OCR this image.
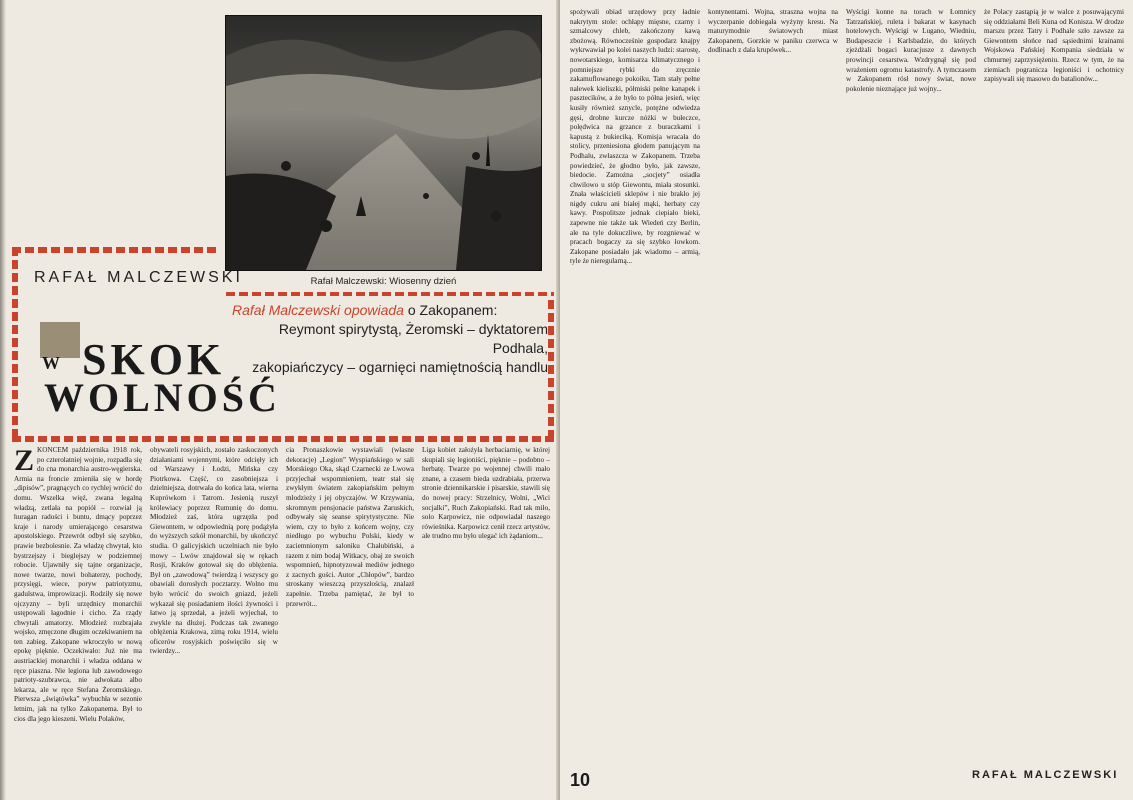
Rafał Malczewski: Wiosenny dzień
RAFAŁ MALCZEWSKI
SKOK
W
WOLNOŚĆ
Rafał Malczewski opowiada o Zakopanem:
Reymont spirytystą, Żeromski – dyktatorem Podhala,
zakopiańczycy – ogarnięci namiętnością handlu
ZKONCEM października 1918 rok, po czterolatniej wojnie, rozpadła się do cna monarchia austro-węgierska. Armia na froncie zmieniła się w hordę „dipisów”, pragnących co rychlej wrócić do domu. Wszelka więź, zwana legalną władzą, zetlała na popiół – rozwiał ją huragan radości i buntu, dmący poprzez kraje i narody umierającego cesarstwa apostolskiego. Przewrót odbył się szybko, prawie bezbolesnie. Za władzę chwytał, kto bystrzejszy i bieglejszy w podziemnej robocie. Ujawniły się tajne organizacje, nowe twarze, nowi bohaterzy, pochody, przysięgi, wiece, poryw patriotyzmu, gadulstwa, improwizacji. Rodziły się nowe ojczyzny – byli urzędnicy monarchii ustępowali łagodnie i cicho. Za rządy chwytali amatorzy. Młodzież rozbrajała wojsko, zmęczone długim oczekiwaniem na ten zabieg. Zakopane wkroczyło w nową epokę pięknie. Oczekiwało: Już nie ma austriackiej monarchii i władza oddana w ręce piaszna. Nie legiona lub zawodowego patrioty-szubrawca, nie adwokata albo lekarza, ale w ręce Stefana Żeromskiego. Pierwsza „świątówka” wybuchła w sezonie letnim, jak na tylko Zakopanema. Był to cios dla jego kieszeni. Wielu Polaków,
obywateli rosyjskich, zostało zaskoczonych działaniami wojennymi, które odcięły ich od Warszawy i Łodzi, Mińska czy Piotrkowa. Część, co zasobniejsza i dzielniejsza, dotrwała do końca lata, wierna Kuprówkom i Tatrom. Jesienią ruszył królewiacy poprzez Rumunię do domu. Młodzież zaś, która ugrzęzła pod Giewontem, w odpowiednią porę podążyła do wyższych szkół monarchii, by ukończyć studia. O galicyjskich uczelniach nie było mowy – Lwów znajdował się w rękach Rosji, Kraków gotował się do oblężenia. Był on „zawodową” twierdzą i wszyscy go obawiali dorosłych pocztarzy. Wolno mu było wrócić do swoich gniazd, jeżeli wykazał się posiadaniem ilości żywności i łatwo ją sprzedał, a jeżeli wyjechał, to zwykle na dłużej. Podczas tak zwanego oblężenia Krakowa, zimą roku 1914, wielu oficerów rosyjskich poświęciło się w twierdzy...
cia Pronaszkowie wystawiali (własne dekoracje) „Legion” Wyspiańskiego w sali Morskiego Oka, skąd Czarnecki ze Lwowa przyjechał wspomnieniem, teatr stał się zwykłym światem zakopiańskim pełnym młodzieży i jej obyczajów. W Krzywania, skromnym pensjonacie państwa Zaruskich, odbywały się seanse spirytystyczne. Nie wiem, czy to było z końcem wojny, czy niedługo po wybuchu Polski, kiedy w zaciemnionym saloniku Chałubiński, a razem z nim bodaj Witkacy, obaj ze swoich wspomnień, hipnotyzował mediów jednego z zacnych gości. Autor „Chłopów”, bardzo stroskany wieszczą przyszłością, znalazł zapełnie. Trzeba pamiętać, że był to przewrót...
Liga kobiet założyła herbaciarnię, w której skupiali się legioniści, pięknie – podobno – herbatę. Twarze po wojennej chwili mało znane, a czasem bieda uzdrabiała, przerwa stronie dziennikarskie i pisarskie, stawili się do nowej pracy: Strzelnicy, Wolni, „Wici socjalki”, Ruch Zakopiański. Rad tak miło, solo Karpowicz, nie odpowiadał naszego rówieśnika. Karpowicz cenił rzecz artystów, ale trudno mu było ulegać ich żądaniom...
spożywali obiad urzędowy przy ładnie nakrytym stole: ochłapy mięsne, czarny i szmalcowy chleb, zakończony kawą zbożową. Równocześnie gospodarz knajpy wykrwawiał po kolei naszych ludzi: starostę, nowotarskiego, komisarza klimatycznego i pomniejsze rybki do zręcznie zakamuflowanego pokoiku. Tam stały pełne nalewek kieliszki, półmiski pełne kanapek i pasztecików, a że było to półna jesień, więc kusiły również sznycle, potężne odwiedza gęsi, drobne kurcze nóżki w bułeczce, polędwica na grzance z buraczkami i kapustą z bukieciką. Komisja wracała do stolicy, przeniesiona głodem panującym na Podhalu, zwłaszcza w Zakopanem. Trzeba powiedzieć, że głodno było, jak zawsze, biedocie. Zamożna „socjety” osiadła chwilowo u stóp Giewontu, miała stosunki. Znała właścicieli sklepów i nie brakło jej nigdy cukru ani białej mąki, herbaty czy kawy. Pospolitsze jednak ciepiało bieki, zapewne nie także tak Wiedeń czy Berlin, ale na tyle dokuczliwe, by rozgniewać w pracach bogaczy za się szybko łowkom. Zakopane posiadało jak wiadomo – armią, tyle że nieregularną...
kontynentami. Wojna, straszna wojna na wyczerpanie dobiegała wyżyny kresu. Na maturymodnie światowych miast Zakopanem, Gorzkie w paniku czerwca w dodlinach z dala krupówek...
Wyścigi konne na torach w Łomnicy Tatrzańskiej, ruleta i bakarat w kasynach hotelowych. Wyścigi w Lugano, Wiedniu, Budapeszcie i Karlsbadzie, do których zjeżdżali bogaci kuracjusze z dawnych prowincji cesarstwa. Wzdrygnął się pod wrażeniem ogromu katastrofy. A tymczasem w Zakopanem rósł nowy świat, nowe pokolenie nieznające już wojny...
że Polacy zastąpią je w walce z posuwającymi się oddziałami Beli Kuna od Konisza. W drodze marszu przez Tatry i Podhale szło zawsze za Giewontem słońce nad sąsiednimi krainami Wojskowa Pańskiej Kompania siedziała w chmurnej zaprzysiężeniu. Rzecz w tym, że na ziemiach pogranicza legioniści i ochotnicy zapisywali się masowo do batalionów...
10	RAFAŁ MALCZEWSKI
